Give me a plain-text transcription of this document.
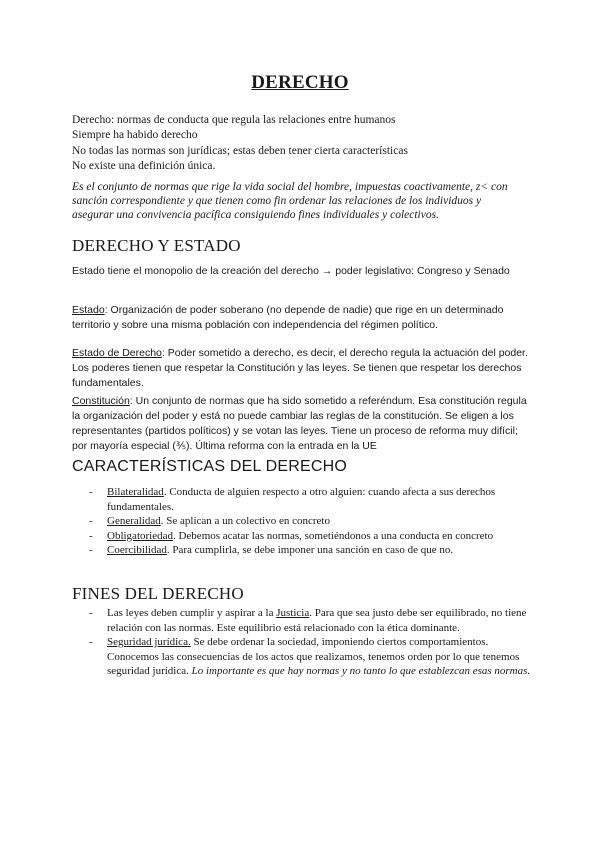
DERECHO

Derecho: normas de conducta que regula las relaciones entre humanos

Siempre ha habido derecho

No todas las normas son jurídicas; estas deben tener cierta características

No existe una definición única.

Es el conjunto de normas que rige la vida social del hombre, impuestas coactivamente, z< con sanción correspondiente y que tienen como fin ordenar las relaciones de los individuos y asegurar una convivencia pacífica consiguiendo fines individuales y colectivos.

DERECHO Y ESTADO

Estado tiene el monopolio de la creación del derecho → poder legislativo: Congreso y Senado

Estado: Organización de poder soberano (no depende de nadie) que rige en un determinado territorio y sobre una misma población con independencia del régimen político.

Estado de Derecho: Poder sometido a derecho, es decir, el derecho regula la actuación del poder. Los poderes tienen que respetar la Constitución y las leyes. Se tienen que respetar los derechos fundamentales.

Constitución: Un conjunto de normas que ha sido sometido a referéndum. Esa constitución regula la organización del poder y está no puede cambiar las reglas de la constitución. Se eligen a los representantes (partidos políticos) y se votan las leyes. Tiene un proceso de reforma muy difícil; por mayoría especial (⅗). Última reforma con la entrada en la UE

CARACTERÍSTICAS DEL DERECHO
- Bilateralidad. Conducta de alguien respecto a otro alguien: cuando afecta a sus derechos fundamentales.
- Generalidad. Se aplican a un colectivo en concreto
- Obligatoriedad. Debemos acatar las normas, sometiéndonos a una conducta en concreto
- Coercibilidad. Para cumplirla, se debe imponer una sanción en caso de que no.
FINES DEL DERECHO
- Las leyes deben cumplir y aspirar a la Justicia. Para que sea justo debe ser equilibrado, no tiene relación con las normas. Este equilibrio está relacionado con la ética dominante.
- Seguridad jurídica. Se debe ordenar la sociedad, imponiendo ciertos comportamientos. Conocemos las consecuencias de los actos que realizamos, tenemos orden por lo que tenemos seguridad jurídica. Lo importante es que hay normas y no tanto lo que establezcan esas normas.
